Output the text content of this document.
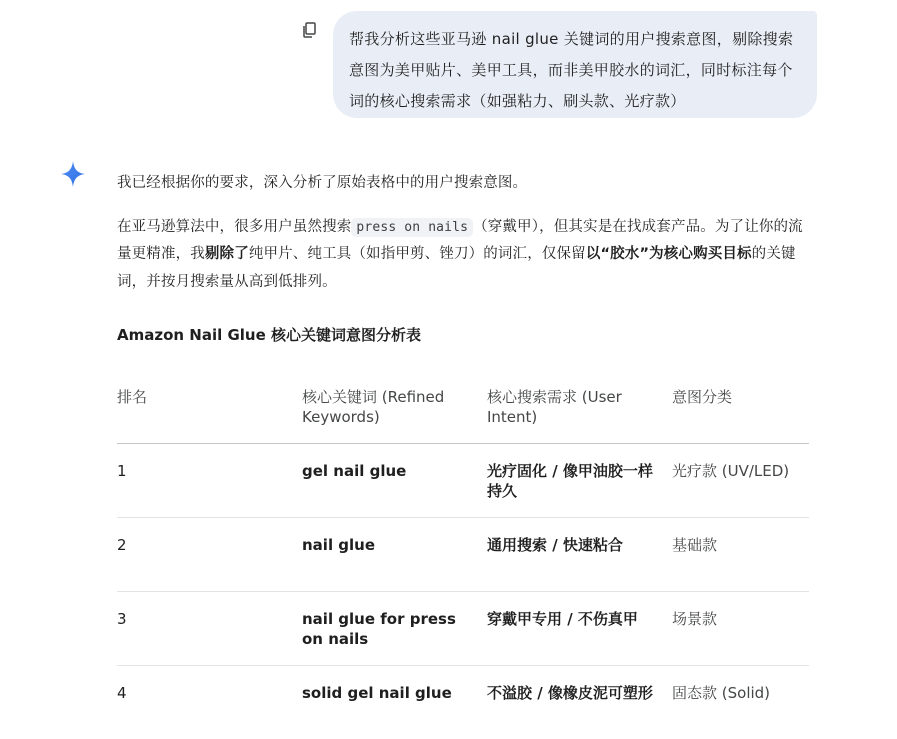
帮我分析这些亚马逊 nail glue 关键词的用户搜索意图，剔除搜索意图为美甲贴片、美甲工具，而非美甲胶水的词汇，同时标注每个词的核心搜索需求（如强粘力、刷头款、光疗款）

我已经根据你的要求，深入分析了原始表格中的用户搜索意图。

在亚马逊算法中，很多用户虽然搜索 press on nails （穿戴甲），但其实是在找成套产品。为了让你的流量更精准，我剔除了纯甲片、纯工具（如指甲剪、锉刀）的词汇，仅保留以“胶水”为核心购买目标的关键词，并按月搜索量从高到低排列。

Amazon Nail Glue 核心关键词意图分析表

排名	核心关键词 (Refined Keywords)	核心搜索需求 (User Intent)	意图分类
1	gel nail glue	光疗固化 / 像甲油胶一样持久	光疗款 (UV/LED)
2	nail glue	通用搜索 / 快速粘合	基础款
3	nail glue for press on nails	穿戴甲专用 / 不伤真甲	场景款
4	solid gel nail glue	不溢胶 / 像橡皮泥可塑形	固态款 (Solid)
